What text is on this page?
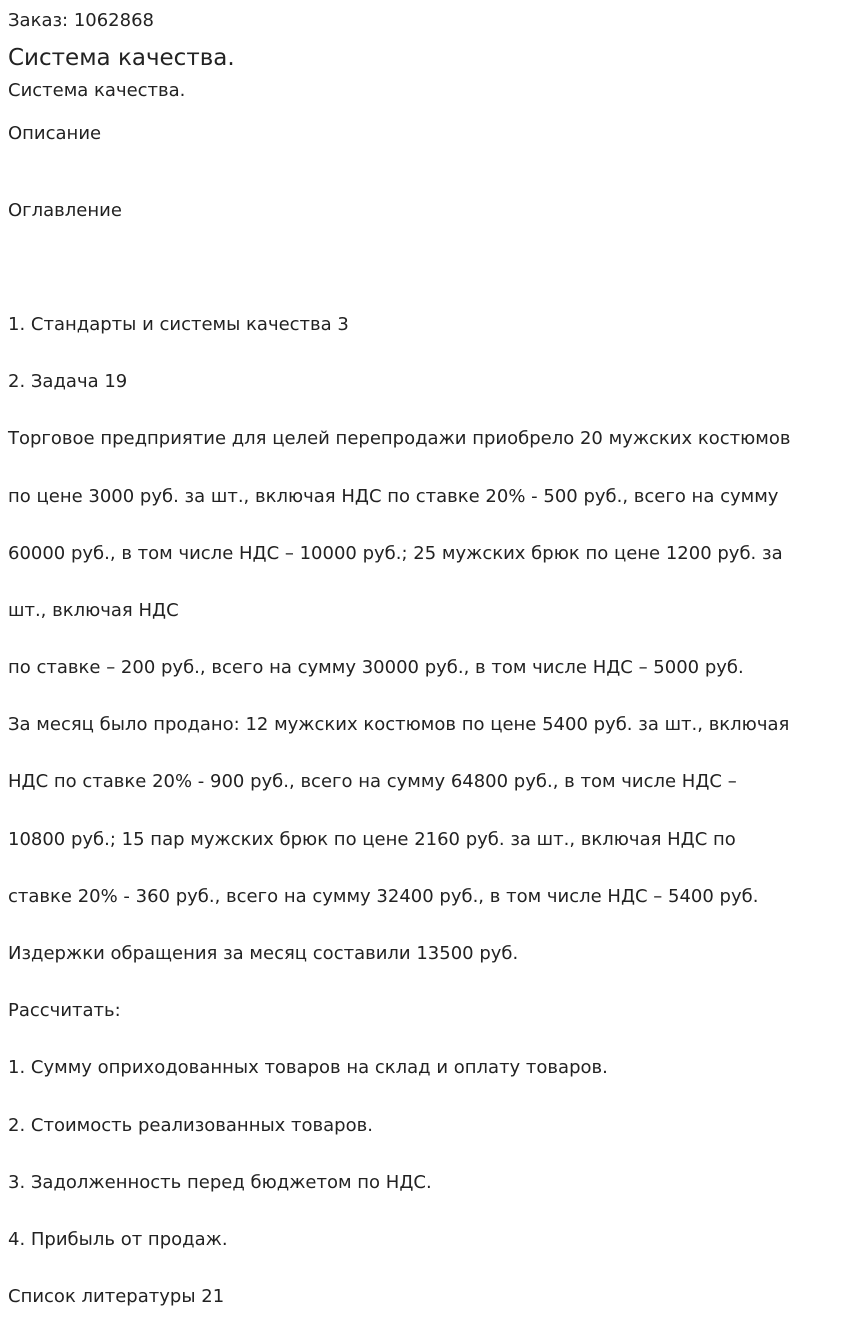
Заказ: 1062868

Система качества.

Система качества.

Описание

Оглавление

1. Стандарты и системы качества 3

2. Задача 19

Торговое предприятие для целей перепродажи приобрело 20 мужских костюмов

по цене 3000 руб. за шт., включая НДС по ставке 20% - 500 руб., всего на сумму

60000 руб., в том числе НДС – 10000 руб.; 25 мужских брюк по цене 1200 руб. за

шт., включая НДС

по ставке – 200 руб., всего на сумму 30000 руб., в том числе НДС – 5000 руб.

За месяц было продано: 12 мужских костюмов по цене 5400 руб. за шт., включая

НДС по ставке 20% - 900 руб., всего на сумму 64800 руб., в том числе НДС –

10800 руб.; 15 пар мужских брюк по цене 2160 руб. за шт., включая НДС по

ставке 20% - 360 руб., всего на сумму 32400 руб., в том числе НДС – 5400 руб.

Издержки обращения за месяц составили 13500 руб.

Рассчитать:

1. Сумму оприходованных товаров на склад и оплату товаров.

2. Стоимость реализованных товаров.

3. Задолженность перед бюджетом по НДС.

4. Прибыль от продаж.

Список литературы 21
